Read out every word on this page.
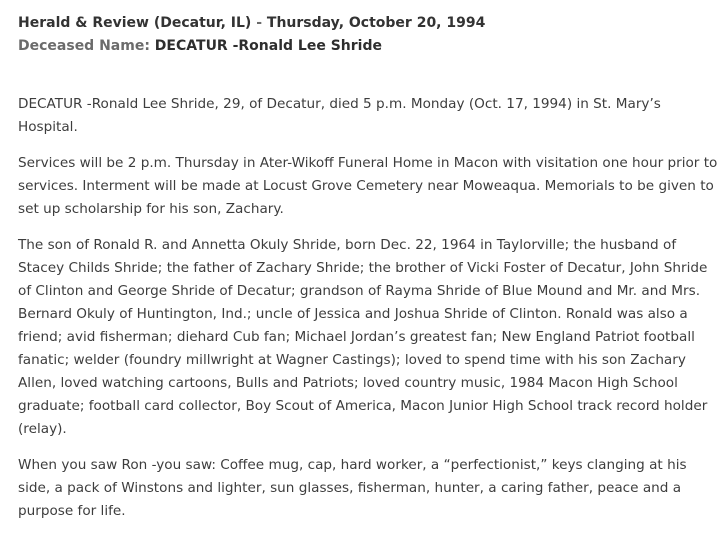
Herald & Review (Decatur, IL) - Thursday, October 20, 1994
Deceased Name: DECATUR -Ronald Lee Shride

DECATUR -Ronald Lee Shride, 29, of Decatur, died 5 p.m. Monday (Oct. 17, 1994) in St. Mary’s Hospital.

Services will be 2 p.m. Thursday in Ater-Wikoff Funeral Home in Macon with visitation one hour prior to services. Interment will be made at Locust Grove Cemetery near Moweaqua. Memorials to be given to set up scholarship for his son, Zachary.

The son of Ronald R. and Annetta Okuly Shride, born Dec. 22, 1964 in Taylorville; the husband of Stacey Childs Shride; the father of Zachary Shride; the brother of Vicki Foster of Decatur, John Shride of Clinton and George Shride of Decatur; grandson of Rayma Shride of Blue Mound and Mr. and Mrs. Bernard Okuly of Huntington, Ind.; uncle of Jessica and Joshua Shride of Clinton. Ronald was also a friend; avid fisherman; diehard Cub fan; Michael Jordan’s greatest fan; New England Patriot football fanatic; welder (foundry millwright at Wagner Castings); loved to spend time with his son Zachary Allen, loved watching cartoons, Bulls and Patriots; loved country music, 1984 Macon High School graduate; football card collector, Boy Scout of America, Macon Junior High School track record holder (relay).

When you saw Ron -you saw: Coffee mug, cap, hard worker, a “perfectionist,” keys clanging at his side, a pack of Winstons and lighter, sun glasses, fisherman, hunter, a caring father, peace and a purpose for life.
